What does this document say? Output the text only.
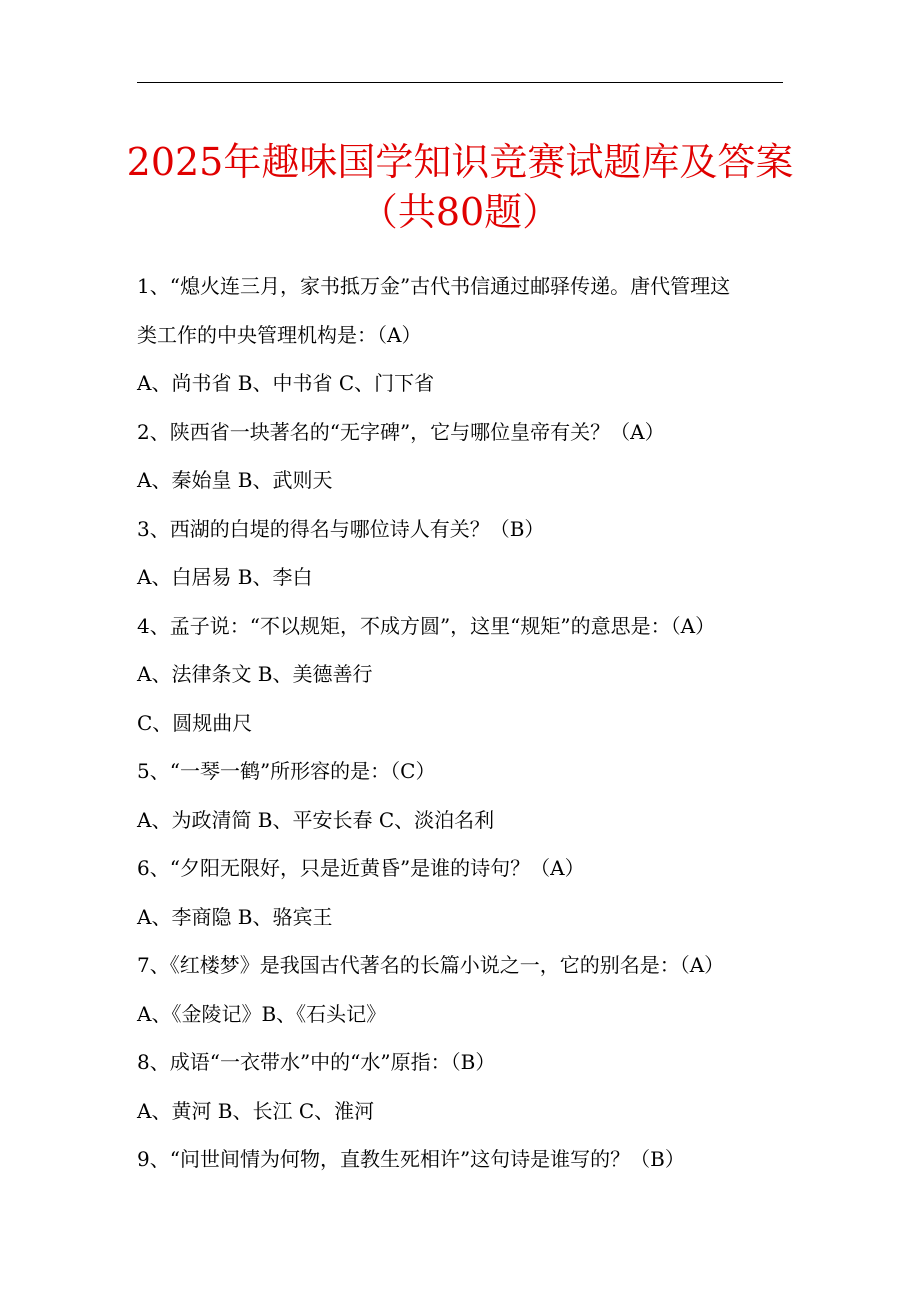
2025年趣味国学知识竞赛试题库及答案
（共80题）
1、“熄火连三月，家书抵万金”古代书信通过邮驿传递。唐代管理这
类工作的中央管理机构是：（A）
A、尚书省 B、中书省 C、门下省
2、陕西省一块著名的“无字碑”，它与哪位皇帝有关？（A）
A、秦始皇 B、武则天
3、西湖的白堤的得名与哪位诗人有关？（B）
A、白居易 B、李白
4、孟子说：“不以规矩，不成方圆”，这里“规矩”的意思是：（A）
A、法律条文 B、美德善行
C、圆规曲尺
5、“一琴一鹤”所形容的是：（C）
A、为政清简 B、平安长春 C、淡泊名利
6、“夕阳无限好，只是近黄昏”是谁的诗句？（A）
A、李商隐 B、骆宾王
7、《红楼梦》是我国古代著名的长篇小说之一，它的别名是：（A）
A、《金陵记》B、《石头记》
8、成语“一衣带水”中的“水”原指：（B）
A、黄河 B、长江 C、淮河
9、“问世间情为何物，直教生死相许”这句诗是谁写的？（B）
